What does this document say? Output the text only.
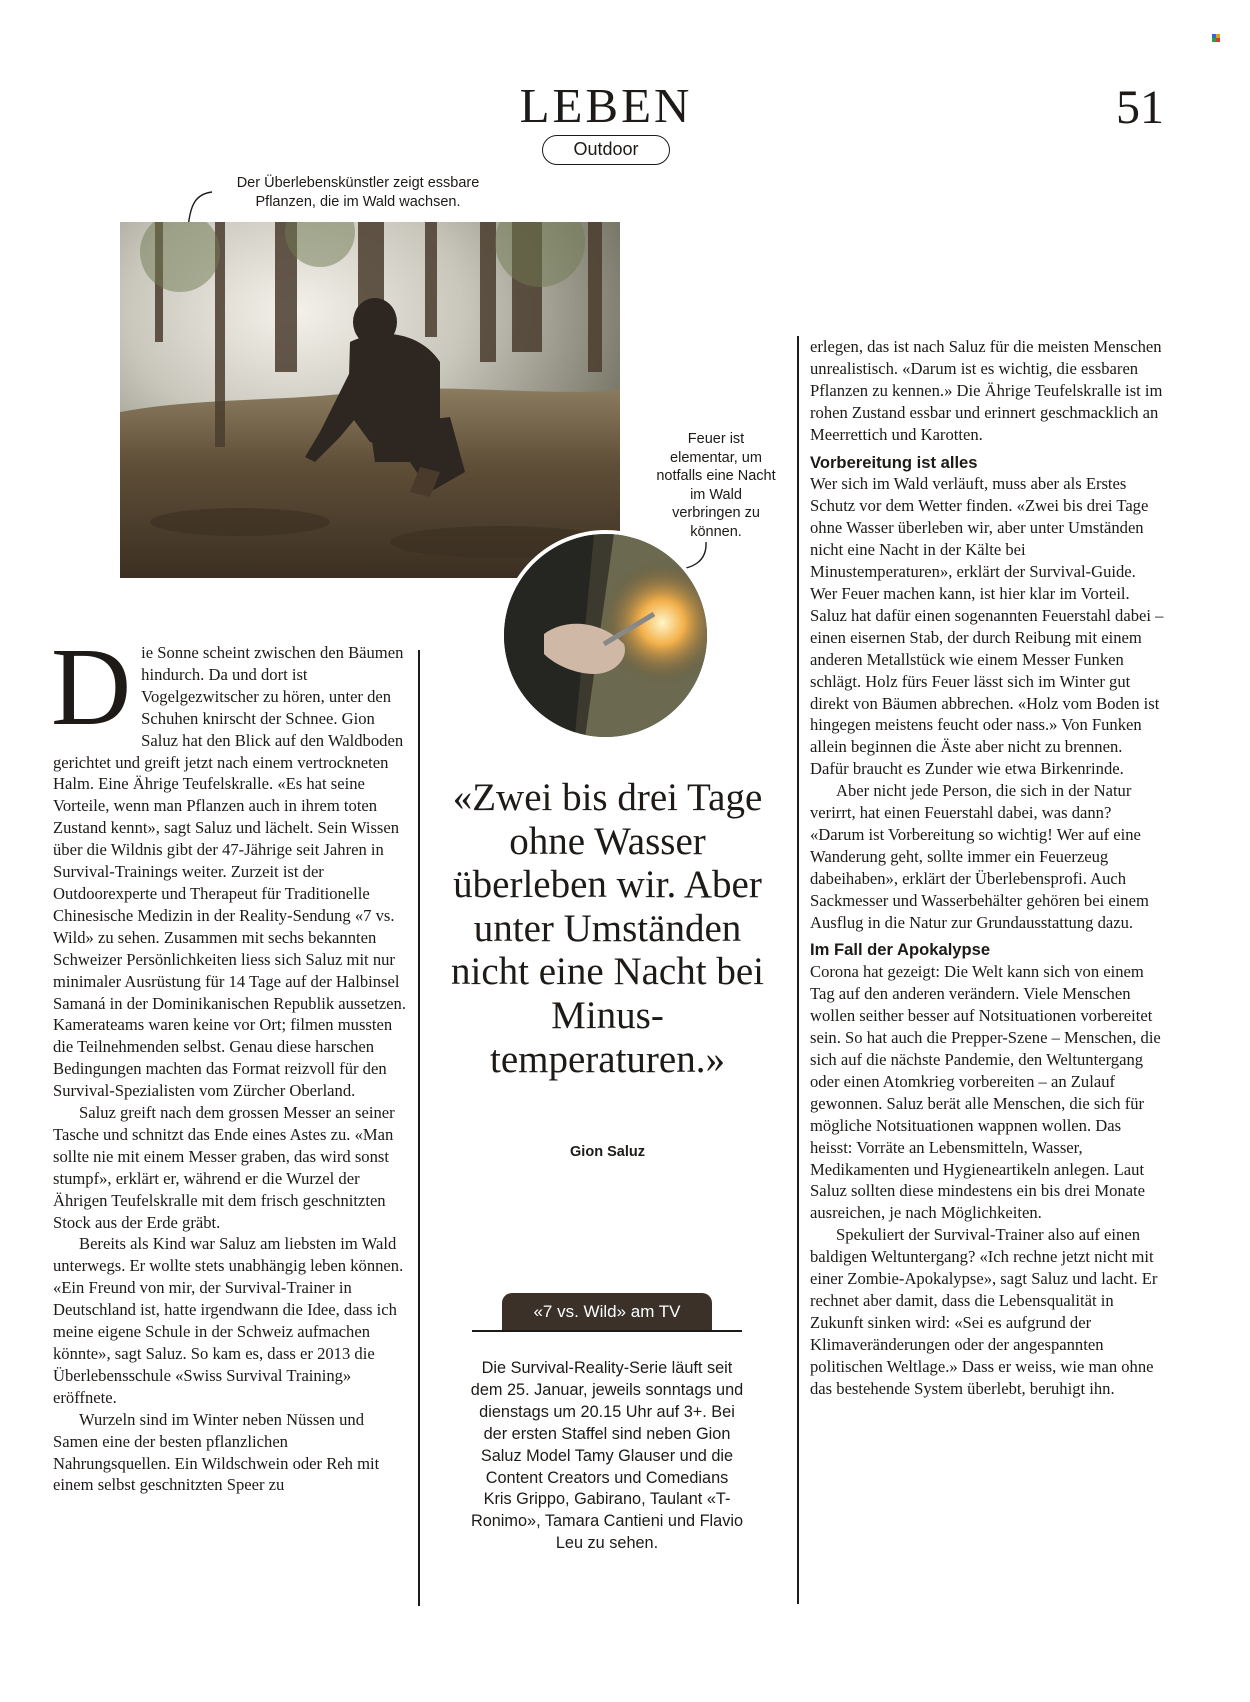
LEBEN
Outdoor
51
Der Überlebenskünstler zeigt essbare Pflanzen, die im Wald wachsen.
Feuer ist elementar, um notfalls eine Nacht im Wald verbringen zu können.

D ie Sonne scheint zwischen den Bäumen hindurch. Da und dort ist Vogelgezwitscher zu hören, unter den Schuhen knirscht der Schnee. Gion Saluz hat den Blick auf den Waldboden gerichtet und greift jetzt nach einem vertrockneten Halm. Eine Ährige Teufelskralle. «Es hat seine Vorteile, wenn man Pflanzen auch in ihrem toten Zustand kennt», sagt Saluz und lächelt. Sein Wissen über die Wildnis gibt der 47-Jährige seit Jahren in Survival-Trainings weiter. Zurzeit ist der Outdoorexperte und Therapeut für Traditionelle Chinesische Medizin in der Reality-Sendung «7 vs. Wild» zu sehen. Zusammen mit sechs bekannten Schweizer Persönlichkeiten liess sich Saluz mit nur minimaler Ausrüstung für 14 Tage auf der Halbinsel Samaná in der Dominikanischen Republik aussetzen. Kamerateams waren keine vor Ort; filmen mussten die Teilnehmenden selbst. Genau diese harschen Bedingungen machten das Format reizvoll für den Survival-Spezialisten vom Zürcher Oberland.

Saluz greift nach dem grossen Messer an seiner Tasche und schnitzt das Ende eines Astes zu. «Man sollte nie mit einem Messer graben, das wird sonst stumpf», erklärt er, während er die Wurzel der Ährigen Teufelskralle mit dem frisch geschnitzten Stock aus der Erde gräbt.

Bereits als Kind war Saluz am liebsten im Wald unterwegs. Er wollte stets unabhängig leben können. «Ein Freund von mir, der Survival-Trainer in Deutschland ist, hatte irgendwann die Idee, dass ich meine eigene Schule in der Schweiz aufmachen könnte», sagt Saluz. So kam es, dass er 2013 die Überlebensschule «Swiss Survival Training» eröffnete.

Wurzeln sind im Winter neben Nüssen und Samen eine der besten pflanzlichen Nahrungsquellen. Ein Wildschwein oder Reh mit einem selbst geschnitzten Speer zu

«Zwei bis drei Tage ohne Wasser überleben wir. Aber unter Umständen nicht eine Nacht bei Minus-temperaturen.»
Gion Saluz
«7 vs. Wild» am TV
Die Survival-Reality-Serie läuft seit dem 25. Januar, jeweils sonntags und dienstags um 20.15 Uhr auf 3+. Bei der ersten Staffel sind neben Gion Saluz Model Tamy Glauser und die Content Creators und Comedians Kris Grippo, Gabirano, Taulant «T-Ronimo», Tamara Cantieni und Flavio Leu zu sehen.

erlegen, das ist nach Saluz für die meisten Menschen unrealistisch. «Darum ist es wichtig, die essbaren Pflanzen zu kennen.» Die Ährige Teufelskralle ist im rohen Zustand essbar und erinnert geschmacklich an Meerrettich und Karotten.

Vorbereitung ist alles

Wer sich im Wald verläuft, muss aber als Erstes Schutz vor dem Wetter finden. «Zwei bis drei Tage ohne Wasser überleben wir, aber unter Umständen nicht eine Nacht in der Kälte bei Minustemperaturen», erklärt der Survival-Guide. Wer Feuer machen kann, ist hier klar im Vorteil. Saluz hat dafür einen sogenannten Feuerstahl dabei – einen eisernen Stab, der durch Reibung mit einem anderen Metallstück wie einem Messer Funken schlägt. Holz fürs Feuer lässt sich im Winter gut direkt von Bäumen abbrechen. «Holz vom Boden ist hingegen meistens feucht oder nass.» Von Funken allein beginnen die Äste aber nicht zu brennen. Dafür braucht es Zunder wie etwa Birkenrinde.

Aber nicht jede Person, die sich in der Natur verirrt, hat einen Feuerstahl dabei, was dann? «Darum ist Vorbereitung so wichtig! Wer auf eine Wanderung geht, sollte immer ein Feuerzeug dabeihaben», erklärt der Überlebensprofi. Auch Sackmesser und Wasserbehälter gehören bei einem Ausflug in die Natur zur Grundausstattung dazu.

Im Fall der Apokalypse

Corona hat gezeigt: Die Welt kann sich von einem Tag auf den anderen verändern. Viele Menschen wollen seither besser auf Notsituationen vorbereitet sein. So hat auch die Prepper-Szene – Menschen, die sich auf die nächste Pandemie, den Weltuntergang oder einen Atomkrieg vorbereiten – an Zulauf gewonnen. Saluz berät alle Menschen, die sich für mögliche Notsituationen wappnen wollen. Das heisst: Vorräte an Lebensmitteln, Wasser, Medikamenten und Hygieneartikeln anlegen. Laut Saluz sollten diese mindestens ein bis drei Monate ausreichen, je nach Möglichkeiten.

Spekuliert der Survival-Trainer also auf einen baldigen Weltuntergang? «Ich rechne jetzt nicht mit einer Zombie-Apokalypse», sagt Saluz und lacht. Er rechnet aber damit, dass die Lebensqualität in Zukunft sinken wird: «Sei es aufgrund der Klimaveränderungen oder der angespannten politischen Weltlage.» Dass er weiss, wie man ohne das bestehende System überlebt, beruhigt ihn.
